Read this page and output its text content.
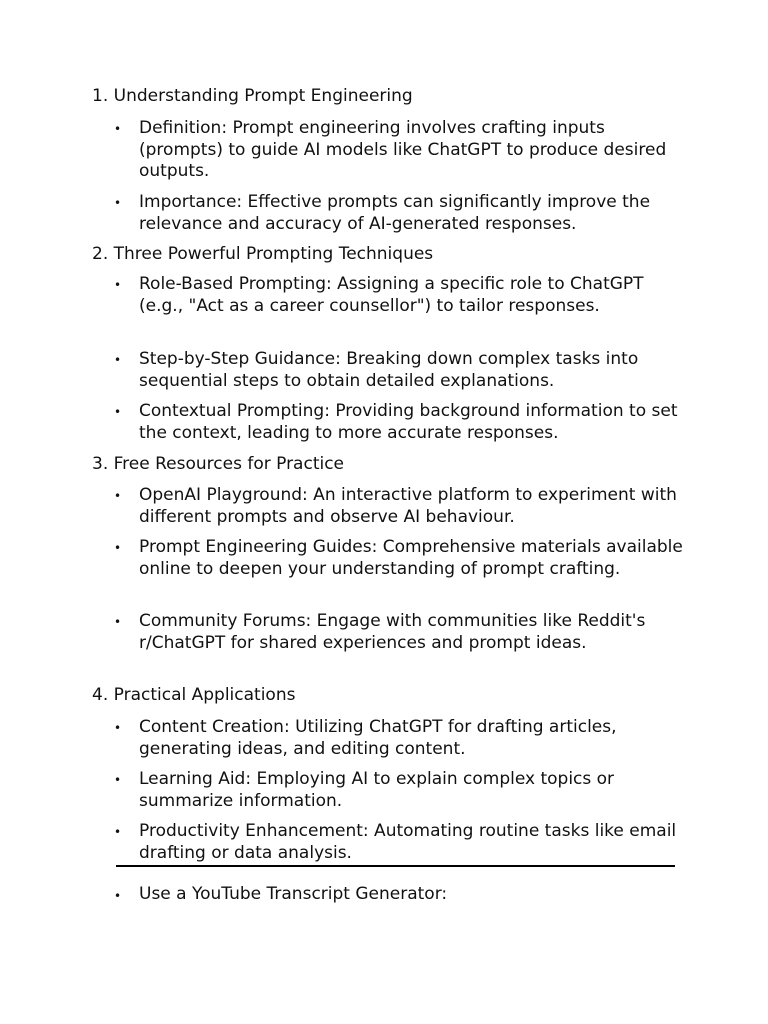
1. Understanding Prompt Engineering
• Definition: Prompt engineering involves crafting inputs (prompts) to guide AI models like ChatGPT to produce desired outputs.
• Importance: Effective prompts can significantly improve the relevance and accuracy of AI-generated responses.
2. Three Powerful Prompting Techniques
• Role-Based Prompting: Assigning a specific role to ChatGPT (e.g., "Act as a career counsellor") to tailor responses.
• Step-by-Step Guidance: Breaking down complex tasks into sequential steps to obtain detailed explanations.
• Contextual Prompting: Providing background information to set the context, leading to more accurate responses.
3. Free Resources for Practice
• OpenAI Playground: An interactive platform to experiment with different prompts and observe AI behaviour.
• Prompt Engineering Guides: Comprehensive materials available online to deepen your understanding of prompt crafting.
• Community Forums: Engage with communities like Reddit's r/ChatGPT for shared experiences and prompt ideas.
4. Practical Applications
• Content Creation: Utilizing ChatGPT for drafting articles, generating ideas, and editing content.
• Learning Aid: Employing AI to explain complex topics or summarize information.
• Productivity Enhancement: Automating routine tasks like email drafting or data analysis.
• Use a YouTube Transcript Generator:
